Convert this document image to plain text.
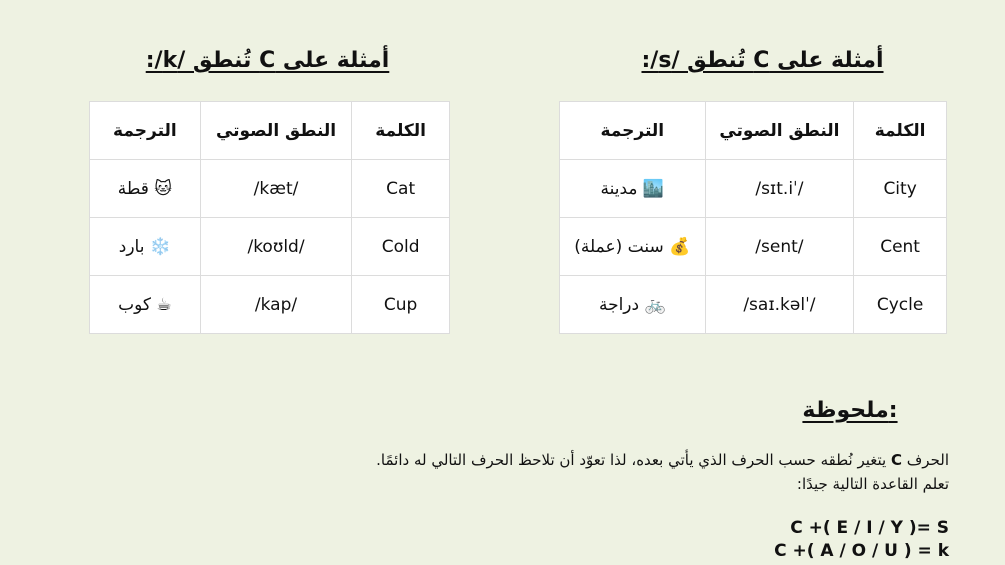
أمثلة على C تُنطق /s/:
أمثلة على C تُنطق /k/:
الكلمة	النطق الصوتي	الترجمة
City	/ˈsɪt.i/	🏙️ مدينة
Cent	/sent/	💰 سنت (عملة)
Cycle	/ˈsaɪ.kəl/	🚲 دراجة
الكلمة	النطق الصوتي	الترجمة
Cat	/kæt/	🐱 قطة
Cold	/koʊld/	❄️ بارد
Cup	/kap/	☕ كوب
ملحوظة:
الحرف C يتغير نُطقه حسب الحرف الذي يأتي بعده، لذا تعوّد أن تلاحظ الحرف التالي له دائمًا.
تعلم القاعدة التالية جيدًا:
C +( E / I / Y )= S
C +( A / O / U ) = k
